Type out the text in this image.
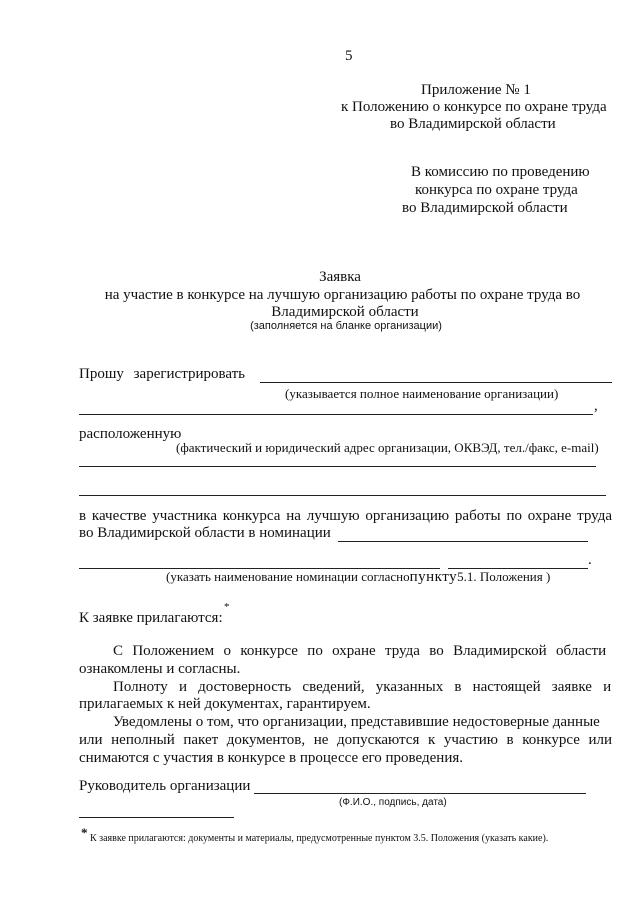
5
Приложение № 1
к Положению о конкурсе по охране труда
во Владимирской области
В комиссию по проведению
конкурса по охране труда
во Владимирской области
Заявка
на участие в конкурсе на лучшую организацию работы по охране труда во
Владимирской области
(заполняется на бланке организации)
Прошу зарегистрировать
(указывается полное наименование организации)
,
расположенную
(фактический и юридический адрес организации, ОКВЭД, тел./факс, e-mail)
в качестве участника конкурса на лучшую организацию работы по охране труда
во Владимирской области в номинации
.
(указать наименование номинации согласнопункту5.1. Положения )
К заявке прилагаются:
*
С Положением о конкурсе по охране труда во Владимирской области
ознакомлены и согласны.
Полноту и достоверность сведений, указанных в настоящей заявке и
прилагаемых к ней документах, гарантируем.
Уведомлены о том, что организации, представившие недостоверные данные
или неполный пакет документов, не допускаются к участию в конкурсе или
снимаются с участия в конкурсе в процессе его проведения.
Руководитель организации
(Ф.И.О., подпись, дата)
* К заявке прилагаются: документы и материалы, предусмотренные пунктом 3.5. Положения (указать какие).
